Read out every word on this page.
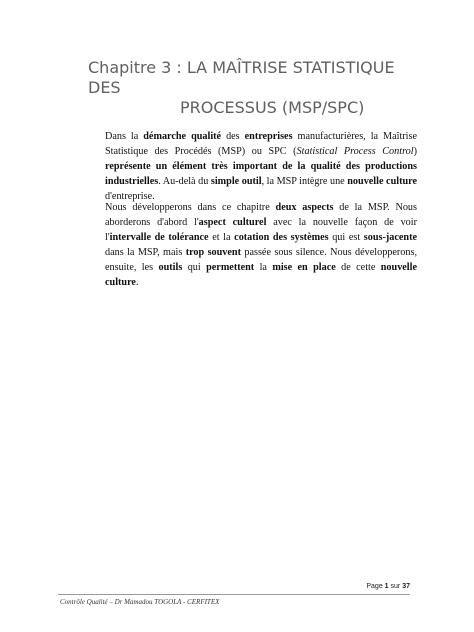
Chapitre 3 : LA MAÎTRISE STATISTIQUE DES
PROCESSUS (MSP/SPC)

Dans la démarche qualité des entreprises manufacturières, la Maîtrise Statistique des Procédés (MSP) ou SPC (Statistical Process Control) représente un élément très important de la qualité des productions industrielles. Au-delà du simple outil, la MSP intègre une nouvelle culture d'entreprise.

Nous développerons dans ce chapitre deux aspects de la MSP. Nous aborderons d'abord l'aspect culturel avec la nouvelle façon de voir l'intervalle de tolérance et la cotation des systèmes qui est sous-jacente dans la MSP, mais trop souvent passée sous silence. Nous développerons, ensuite, les outils qui permettent la mise en place de cette nouvelle culture.

Page 1 sur 37
Contrôle Qualité – Dr Mamadou TOGOLA - CERFITEX
